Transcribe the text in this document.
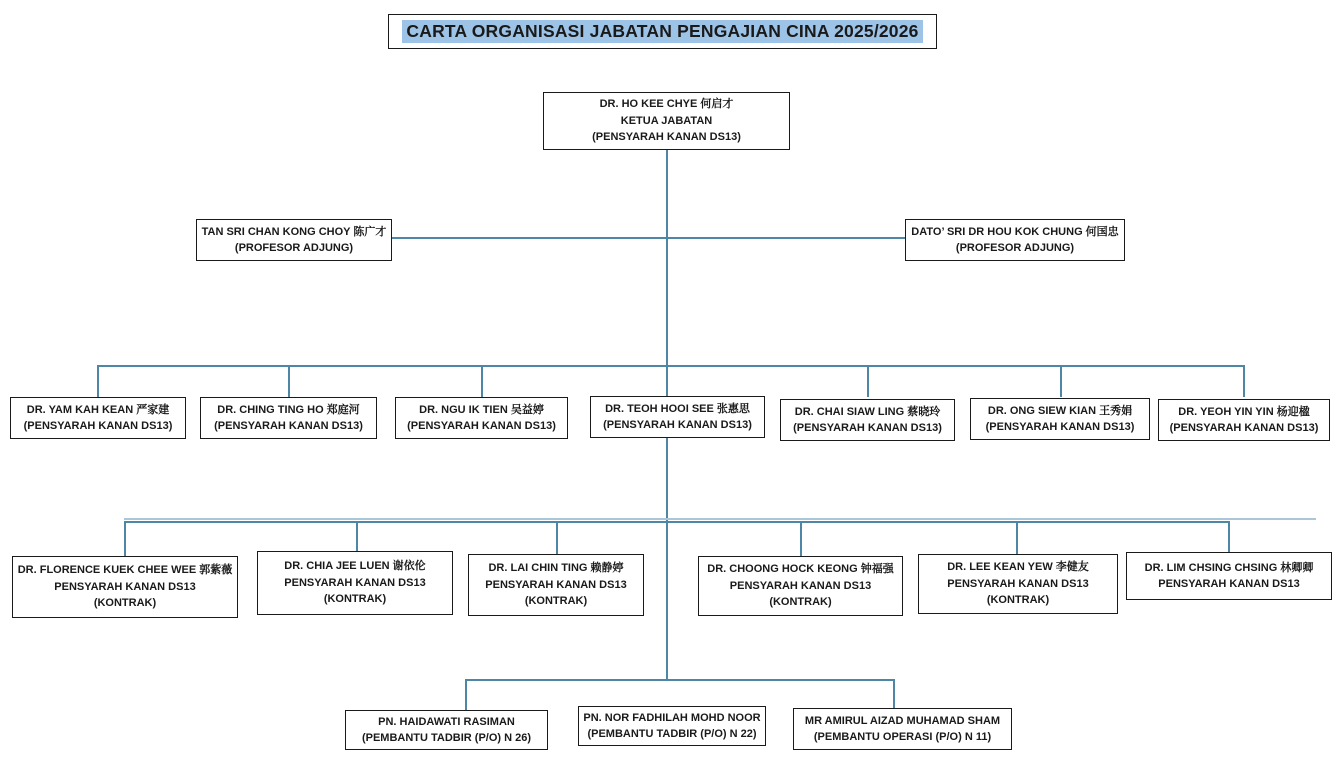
CARTA ORGANISASI JABATAN PENGAJIAN CINA 2025/2026
DR. HO KEE CHYE 何启才
KETUA JABATAN
(PENSYARAH KANAN DS13)
TAN SRI CHAN KONG CHOY 陈广才
(PROFESOR ADJUNG)
DATO’ SRI DR HOU KOK CHUNG 何国忠
(PROFESOR ADJUNG)
DR. YAM KAH KEAN 严家建
(PENSYARAH KANAN DS13)
DR. CHING TING HO 郑庭河
(PENSYARAH KANAN DS13)
DR. NGU IK TIEN 吴益婷
(PENSYARAH KANAN DS13)
DR. TEOH HOOI SEE 张惠思
(PENSYARAH KANAN DS13)
DR. CHAI SIAW LING 蔡晓玲
(PENSYARAH KANAN DS13)
DR. ONG SIEW KIAN 王秀娟
(PENSYARAH KANAN DS13)
DR. YEOH YIN YIN 杨迎楹
(PENSYARAH KANAN DS13)
DR. FLORENCE KUEK CHEE WEE 郭紫薇
PENSYARAH KANAN DS13
(KONTRAK)
DR. CHIA JEE LUEN 谢依伦
PENSYARAH KANAN DS13
(KONTRAK)
DR. LAI CHIN TING 赖静婷
PENSYARAH KANAN DS13
(KONTRAK)
DR. CHOONG HOCK KEONG 钟福强
PENSYARAH KANAN DS13
(KONTRAK)
DR. LEE KEAN YEW 李健友
PENSYARAH KANAN DS13
(KONTRAK)
DR. LIM CHSING CHSING 林卿卿
PENSYARAH KANAN DS13
PN. HAIDAWATI RASIMAN
(PEMBANTU TADBIR (P/O) N 26)
PN. NOR FADHILAH MOHD NOOR
(PEMBANTU TADBIR (P/O) N 22)
MR AMIRUL AIZAD MUHAMAD SHAM
(PEMBANTU OPERASI (P/O) N 11)
